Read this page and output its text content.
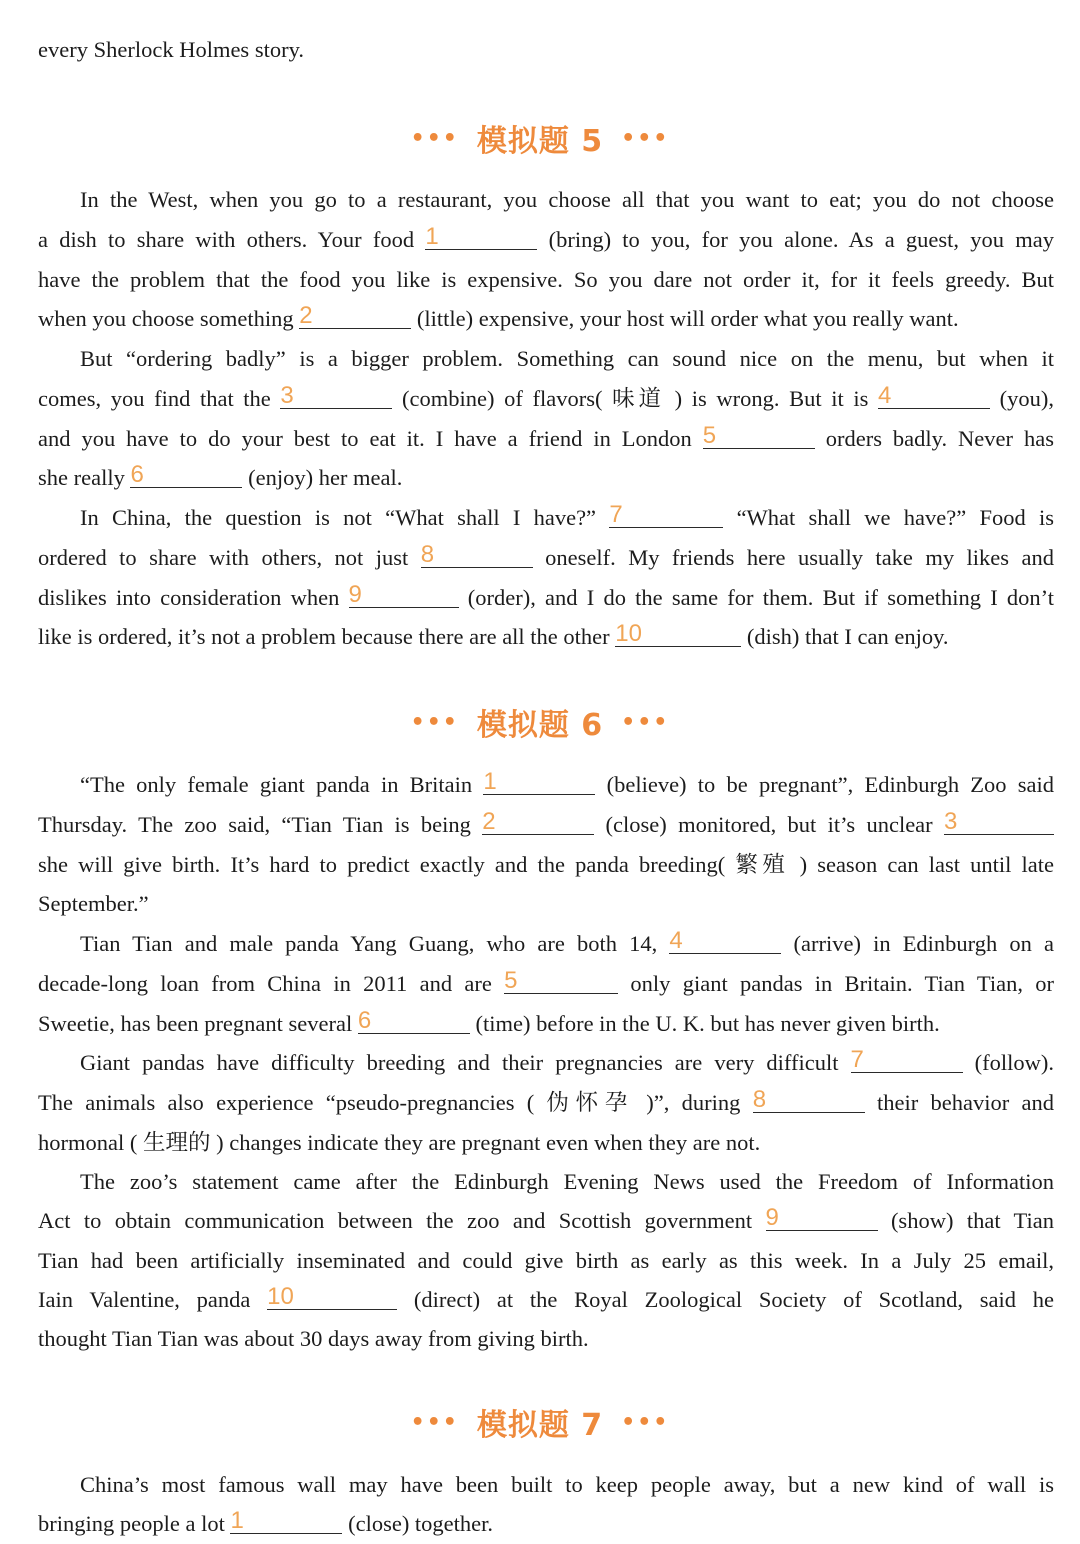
every Sherlock Holmes story.
••• 模拟题 5 •••
In the West, when you go to a restaurant, you choose all that you want to eat; you do not choose
a dish to share with others. Your food 1	(bring) to you, for you alone. As a guest, you may
have the problem that the food you like is expensive. So you dare not order it, for it feels greedy. But
when you choose something 2	(little) expensive, your host will order what you really want.
But “ordering badly” is a bigger problem. Something can sound nice on the menu, but when it
comes, you find that the 3	(combine) of flavors( 味道 ) is wrong. But it is 4	(you),
and you have to do your best to eat it. I have a friend in London 5	orders badly. Never has
she really 6	(enjoy) her meal.
In China, the question is not “What shall I have?” 7	“What shall we have?” Food is
ordered to share with others, not just 8	oneself. My friends here usually take my likes and
dislikes into consideration when 9	(order), and I do the same for them. But if something I don’t
like is ordered, it’s not a problem because there are all the other 10	(dish) that I can enjoy.
••• 模拟题 6 •••
“The only female giant panda in Britain 1	(believe) to be pregnant”, Edinburgh Zoo said
Thursday. The zoo said, “Tian Tian is being 2	(close) monitored, but it’s unclear 3
she will give birth. It’s hard to predict exactly and the panda breeding( 繁殖 ) season can last until late
September.”
Tian Tian and male panda Yang Guang, who are both 14, 4	(arrive) in Edinburgh on a
decade-long loan from China in 2011 and are 5	only giant pandas in Britain. Tian Tian, or
Sweetie, has been pregnant several 6	(time) before in the U. K. but has never given birth.
Giant pandas have difficulty breeding and their pregnancies are very difficult 7	(follow).
The animals also experience “pseudo-pregnancies ( 伪怀孕 )”, during 8	their behavior and
hormonal ( 生理的 ) changes indicate they are pregnant even when they are not.
The zoo’s statement came after the Edinburgh Evening News used the Freedom of Information
Act to obtain communication between the zoo and Scottish government 9	(show) that Tian
Tian had been artificially inseminated and could give birth as early as this week. In a July 25 email,
Iain Valentine, panda 10	(direct) at the Royal Zoological Society of Scotland, said he
thought Tian Tian was about 30 days away from giving birth.
••• 模拟题 7 •••
China’s most famous wall may have been built to keep people away, but a new kind of wall is
bringing people a lot 1	(close) together.
